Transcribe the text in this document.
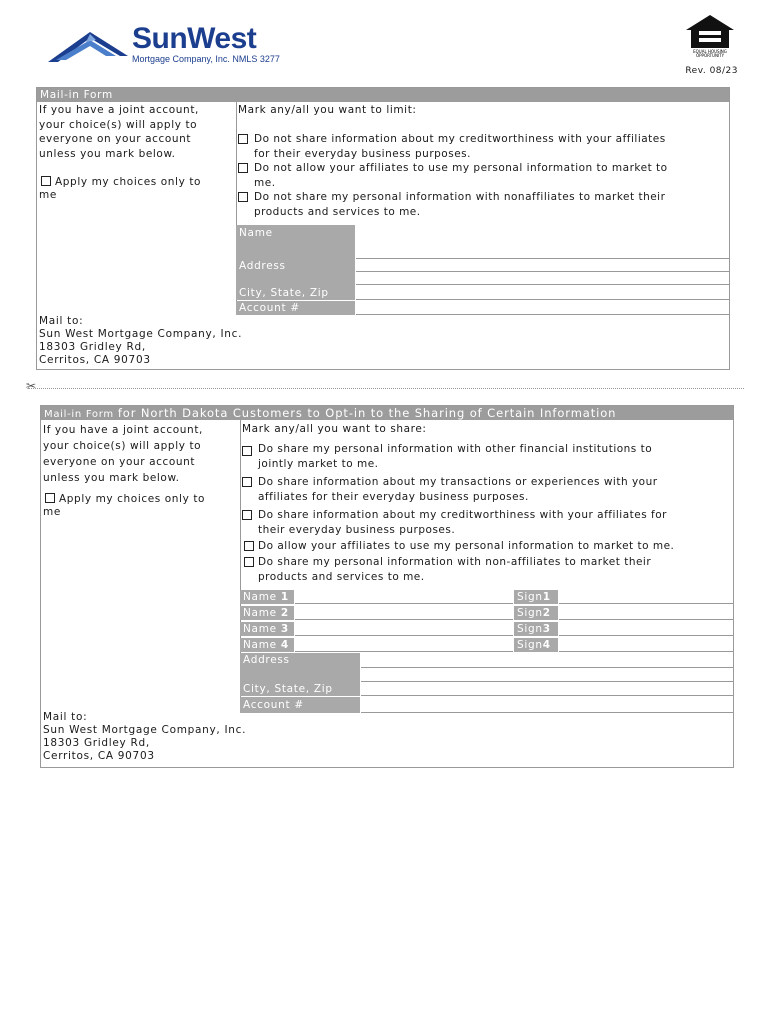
SunWest
Mortgage Company, Inc. NMLS 3277
EQUAL HOUSING OPPORTUNITY
Rev. 08/23
Mail-in Form
If you have a joint account,
your choice(s) will apply to
everyone on your account
unless you mark below.
Apply my choices only to
me
Mark any/all you want to limit:
Do not share information about my creditworthiness with your affiliates
for their everyday business purposes.
Do not allow your affiliates to use my personal information to market to
me.
Do not share my personal information with nonaffiliates to market their
products and services to me.
Name
Address
City, State, Zip
Account #
Mail to:
Sun West Mortgage Company, Inc.
18303 Gridley Rd,
Cerritos, CA 90703
✂
Mail-in Form for North Dakota Customers to Opt-in to the Sharing of Certain Information
If you have a joint account,
your choice(s) will apply to
everyone on your account
unless you mark below.
Apply my choices only to
me
Mark any/all you want to share:
Do share my personal information with other financial institutions to
jointly market to me.
Do share information about my transactions or experiences with your
affiliates for their everyday business purposes.
Do share information about my creditworthiness with your affiliates for
their everyday business purposes.
Do allow your affiliates to use my personal information to market to me.
Do share my personal information with non-affiliates to market their
products and services to me.
Name 1	Sign1
Name 2	Sign2
Name 3	Sign3
Name 4	Sign4
Address
City, State, Zip
Account #
Mail to:
Sun West Mortgage Company, Inc.
18303 Gridley Rd,
Cerritos, CA 90703
